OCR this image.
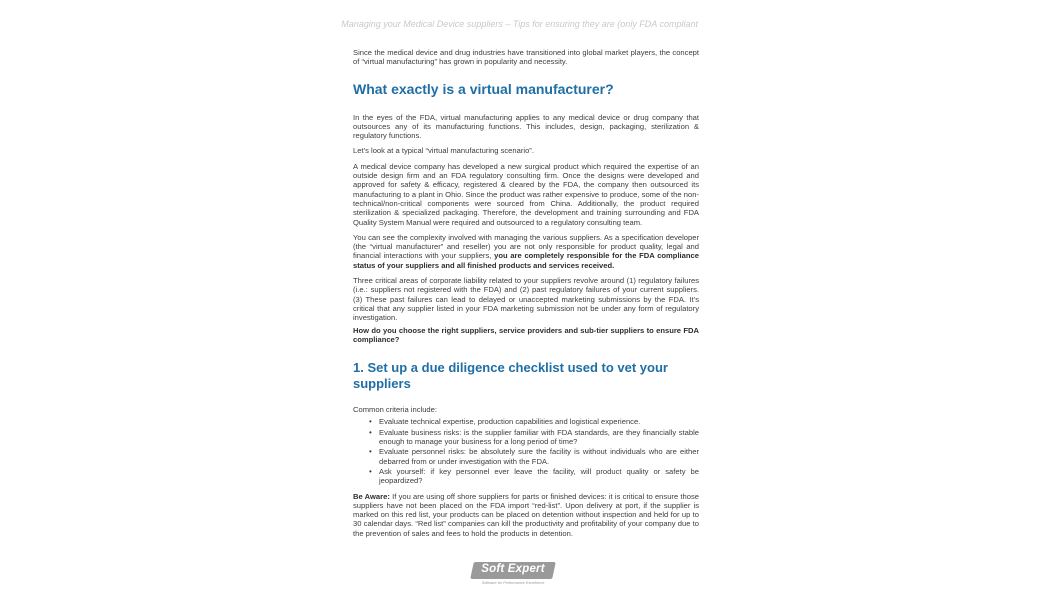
Managing your Medical Device suppliers – Tips for ensuring they are (only FDA compliant

Since the medical device and drug industries have transitioned into global market players, the concept of “virtual manufacturing” has grown in popularity and necessity.

What exactly is a virtual manufacturer?

In the eyes of the FDA, virtual manufacturing applies to any medical device or drug company that outsources any of its manufacturing functions. This includes, design, packaging, sterilization & regulatory functions.

Let’s look at a typical “virtual manufacturing scenario”.

A medical device company has developed a new surgical product which required the expertise of an outside design firm and an FDA regulatory consulting firm. Once the designs were developed and approved for safety & efficacy, registered & cleared by the FDA, the company then outsourced its manufacturing to a plant in Ohio. Since the product was rather expensive to produce, some of the non-technical/non-critical components were sourced from China. Additionally, the product required sterilization & specialized packaging. Therefore, the development and training surrounding and FDA Quality System Manual were required and outsourced to a regulatory consulting team.

You can see the complexity involved with managing the various suppliers. As a specification developer (the “virtual manufacturer” and reseller) you are not only responsible for product quality, legal and financial interactions with your suppliers, you are completely responsible for the FDA compliance status of your suppliers and all finished products and services received.

Three critical areas of corporate liability related to your suppliers revolve around (1) regulatory failures (i.e.: suppliers not registered with the FDA) and (2) past regulatory failures of your current suppliers. (3) These past failures can lead to delayed or unaccepted marketing submissions by the FDA. It’s critical that any supplier listed in your FDA marketing submission not be under any form of regulatory investigation.

How do you choose the right suppliers, service providers and sub-tier suppliers to ensure FDA compliance?

1. Set up a due diligence checklist used to vet your suppliers

Common criteria include:

• Evaluate technical expertise, production capabilities and logistical experience.
• Evaluate business risks: is the supplier familiar with FDA standards, are they financially stable enough to manage your business for a long period of time?
• Evaluate personnel risks: be absolutely sure the facility is without individuals who are either debarred from or under investigation with the FDA.
• Ask yourself: if key personnel ever leave the facility, will product quality or safety be jeopardized?

Be Aware: If you are using off shore suppliers for parts or finished devices: it is critical to ensure those suppliers have not been placed on the FDA import “red-list”. Upon delivery at port, if the supplier is marked on this red list, your products can be placed on detention without inspection and held for up to 30 calendar days. “Red list” companies can kill the productivity and profitability of your company due to the prevention of sales and fees to hold the products in detention.

Soft Expert
Software for Performance Excellence
